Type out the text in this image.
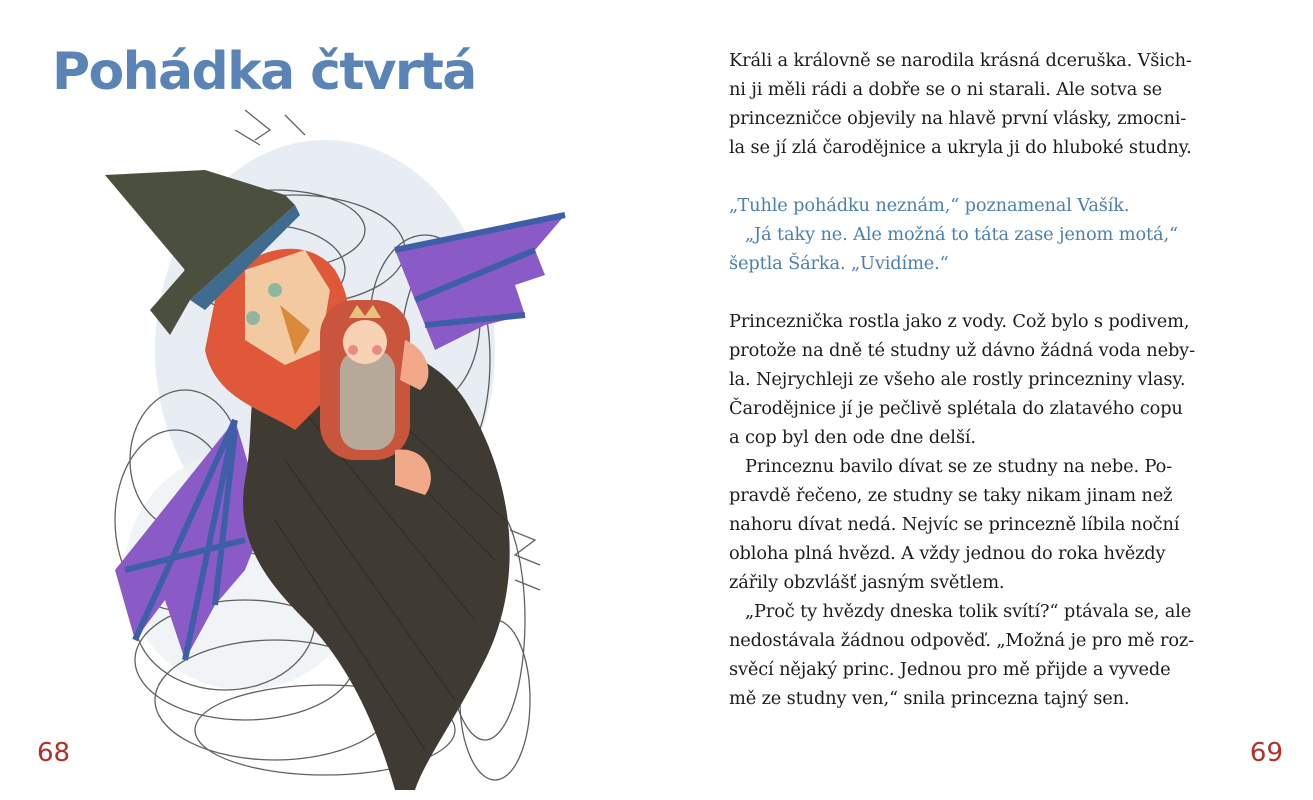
Pohádka čtvrtá
68

Králi a královně se narodila krásná dceruška. Všich-
ni ji měli rádi a dobře se o ni starali. Ale sotva se
princezničce objevily na hlavě první vlásky, zmocni-
la se jí zlá čarodějnice a ukryla ji do hluboké studny.

„Tuhle pohádku neznám,“ poznamenal Vašík.
„Já taky ne. Ale možná to táta zase jenom motá,“
šeptla Šárka. „Uvidíme.“

Princeznička rostla jako z vody. Což bylo s podivem,
protože na dně té studny už dávno žádná voda neby-
la. Nejrychleji ze všeho ale rostly princezniny vlasy.
Čarodějnice jí je pečlivě splétala do zlatavého copu
a cop byl den ode dne delší.
Princeznu bavilo dívat se ze studny na nebe. Po-
pravdě řečeno, ze studny se taky nikam jinam než
nahoru dívat nedá. Nejvíc se princezně líbila noční
obloha plná hvězd. A vždy jednou do roka hvězdy
zářily obzvlášť jasným světlem.
„Proč ty hvězdy dneska tolik svítí?“ ptávala se, ale
nedostávala žádnou odpověď. „Možná je pro mě roz-
svěcí nějaký princ. Jednou pro mě přijde a vyvede
mě ze studny ven,“ snila princezna tajný sen.

69
